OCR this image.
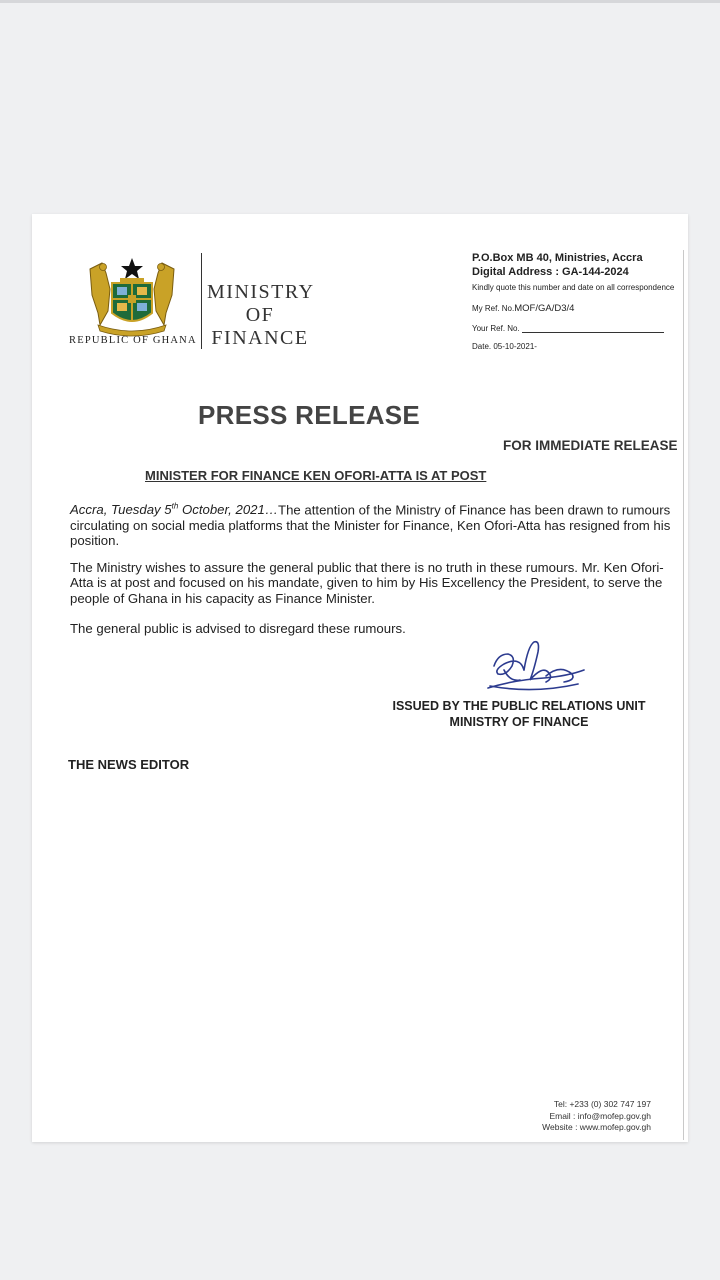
REPUBLIC OF GHANA
MINISTRY
OF
FINANCE
P.O.Box MB 40, Ministries, Accra
Digital Address : GA-144-2024
Kindly quote this number and date on all correspondence
My Ref. No.MOF/GA/D3/4
Your Ref. No.
Date. 05-10-2021-
PRESS RELEASE
FOR IMMEDIATE RELEASE
MINISTER FOR FINANCE KEN OFORI-ATTA IS AT POST
Accra, Tuesday 5th October, 2021…The attention of the Ministry of Finance has been drawn to rumours circulating on social media platforms that the Minister for Finance, Ken Ofori-Atta has resigned from his position.
The Ministry wishes to assure the general public that there is no truth in these rumours. Mr. Ken Ofori-Atta is at post and focused on his mandate, given to him by His Excellency the President, to serve the people of Ghana in his capacity as Finance Minister.
The general public is advised to disregard these rumours.
ISSUED BY THE PUBLIC RELATIONS UNIT
MINISTRY OF FINANCE
THE NEWS EDITOR
Tel: +233 (0) 302 747 197
Email : info@mofep.gov.gh
Website : www.mofep.gov.gh
